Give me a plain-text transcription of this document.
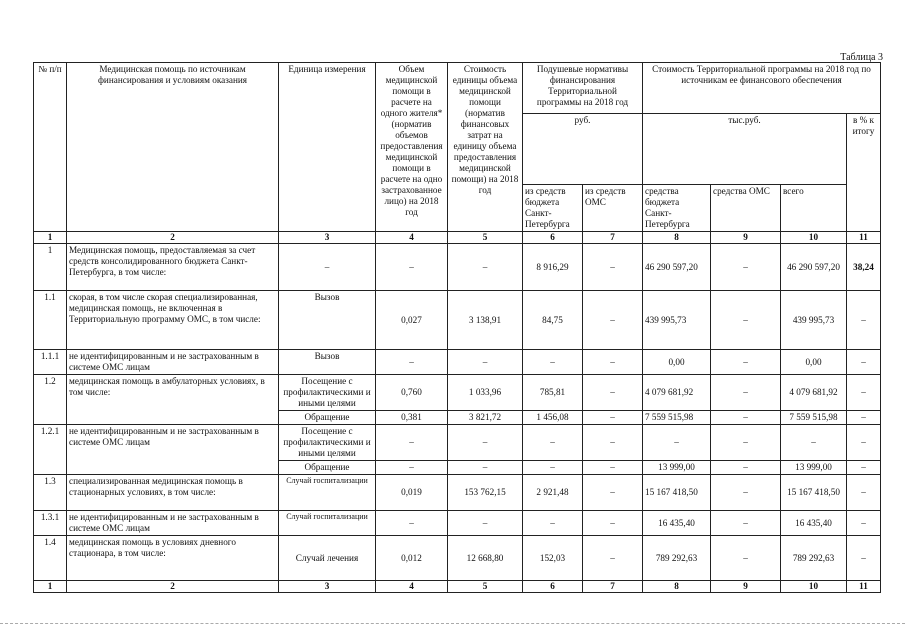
Таблица 3
№ п/п	Медицинская помощь по источникам финансирования и условиям оказания	Единица измерения	Объем медицинской помощи в расчете на одного жителя* (норматив объемов предоставления медицинской помощи в расчете на одно застрахованное лицо) на 2018 год	Стоимость единицы объема медицинской помощи (норматив финансовых затрат на единицу объема предоставления медицинской помощи) на 2018 год	Подушевые нормативы финансирования Территориальной программы на 2018 год		Стоимость Территориальной программы на 2018 год по источникам ее финансового обеспечения			
					руб.		тыс.руб.			в % к итогу
					из средств бюджета Санкт-Петербурга	из средств ОМС	средства бюджета Санкт-Петербурга	средства ОМС	всего	
1	2	3	4	5	6	7	8	9	10	11
1	Медицинская помощь, предоставляемая за счет средств консолидированного бюджета Санкт-Петербурга, в том числе:	–	–	–	8 916,29	–	46 290 597,20	–	46 290 597,20	38,24
1.1	скорая, в том числе скорая специализированная, медицинская помощь, не включенная в Территориальную программу ОМС, в том числе:	Вызов	0,027	3 138,91	84,75	–	439 995,73	–	439 995,73	–
1.1.1	не идентифицированным и не застрахованным в системе ОМС лицам	Вызов	–	–	–	–	0,00	–	0,00	–
1.2	медицинская помощь в амбулаторных условиях, в том числе:	Посещение с профилактическими и иными целями	0,760	1 033,96	785,81	–	4 079 681,92	–	4 079 681,92	–
		Обращение	0,381	3 821,72	1 456,08	–	7 559 515,98	–	7 559 515,98	–
1.2.1	не идентифицированным и не застрахованным в системе ОМС лицам	Посещение с профилактическими и иными целями	–	–	–	–	–	–	–	–
		Обращение	–	–	–	–	13 999,00	–	13 999,00	–
1.3	специализированная медицинская помощь в стационарных условиях, в том числе:	Случай госпитализации	0,019	153 762,15	2 921,48	–	15 167 418,50	–	15 167 418,50	–
1.3.1	не идентифицированным и не застрахованным в системе ОМС лицам	Случай госпитализации	–	–	–	–	16 435,40	–	16 435,40	–
1.4	медицинская помощь в условиях дневного стационара, в том числе:	Случай лечения	0,012	12 668,80	152,03	–	789 292,63	–	789 292,63	–
1	2	3	4	5	6	7	8	9	10	11
